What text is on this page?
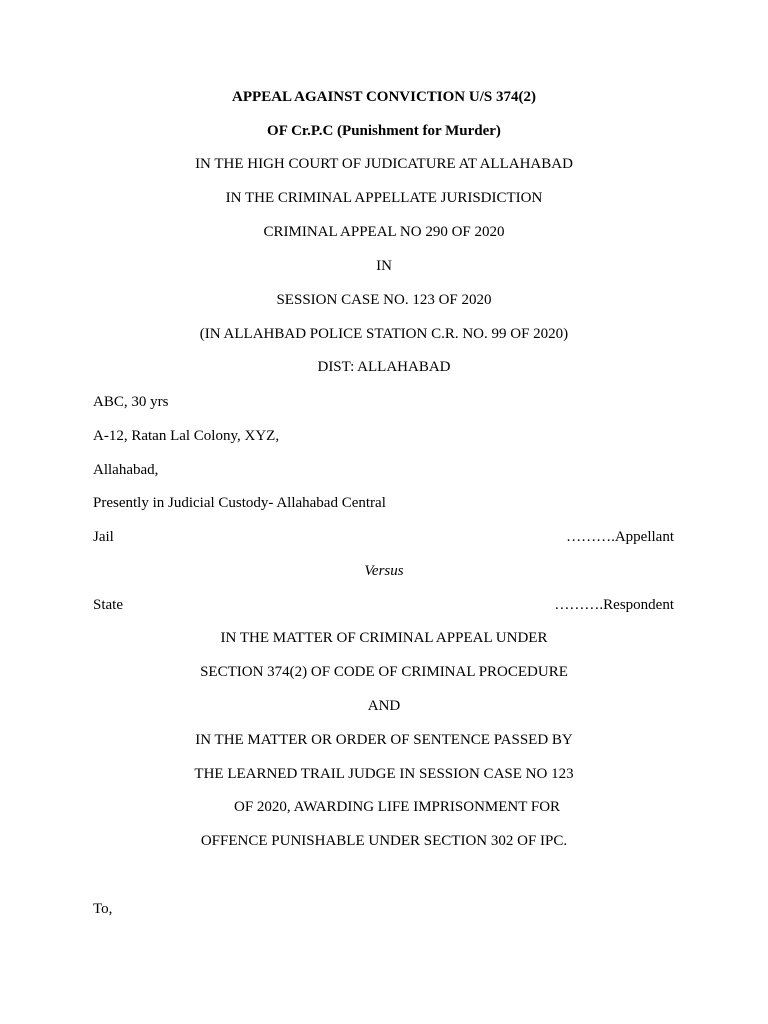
APPEAL AGAINST CONVICTION U/S 374(2)
OF Cr.P.C (Punishment for Murder)
IN THE HIGH COURT OF JUDICATURE AT ALLAHABAD
IN THE CRIMINAL APPELLATE JURISDICTION
CRIMINAL APPEAL NO 290 OF 2020
IN
SESSION CASE NO. 123 OF 2020
(IN ALLAHBAD POLICE STATION C.R. NO. 99 OF 2020)
DIST: ALLAHABAD
ABC, 30 yrs
A-12, Ratan Lal Colony, XYZ,
Allahabad,
Presently in Judicial Custody- Allahabad Central
Jail	……….Appellant
Versus
State	……….Respondent
IN THE MATTER OF CRIMINAL APPEAL UNDER
SECTION 374(2) OF CODE OF CRIMINAL PROCEDURE
AND
IN THE MATTER OR ORDER OF SENTENCE PASSED BY
THE LEARNED TRAIL JUDGE IN SESSION CASE NO 123
OF 2020, AWARDING LIFE IMPRISONMENT FOR
OFFENCE PUNISHABLE UNDER SECTION 302 OF IPC.
To,
